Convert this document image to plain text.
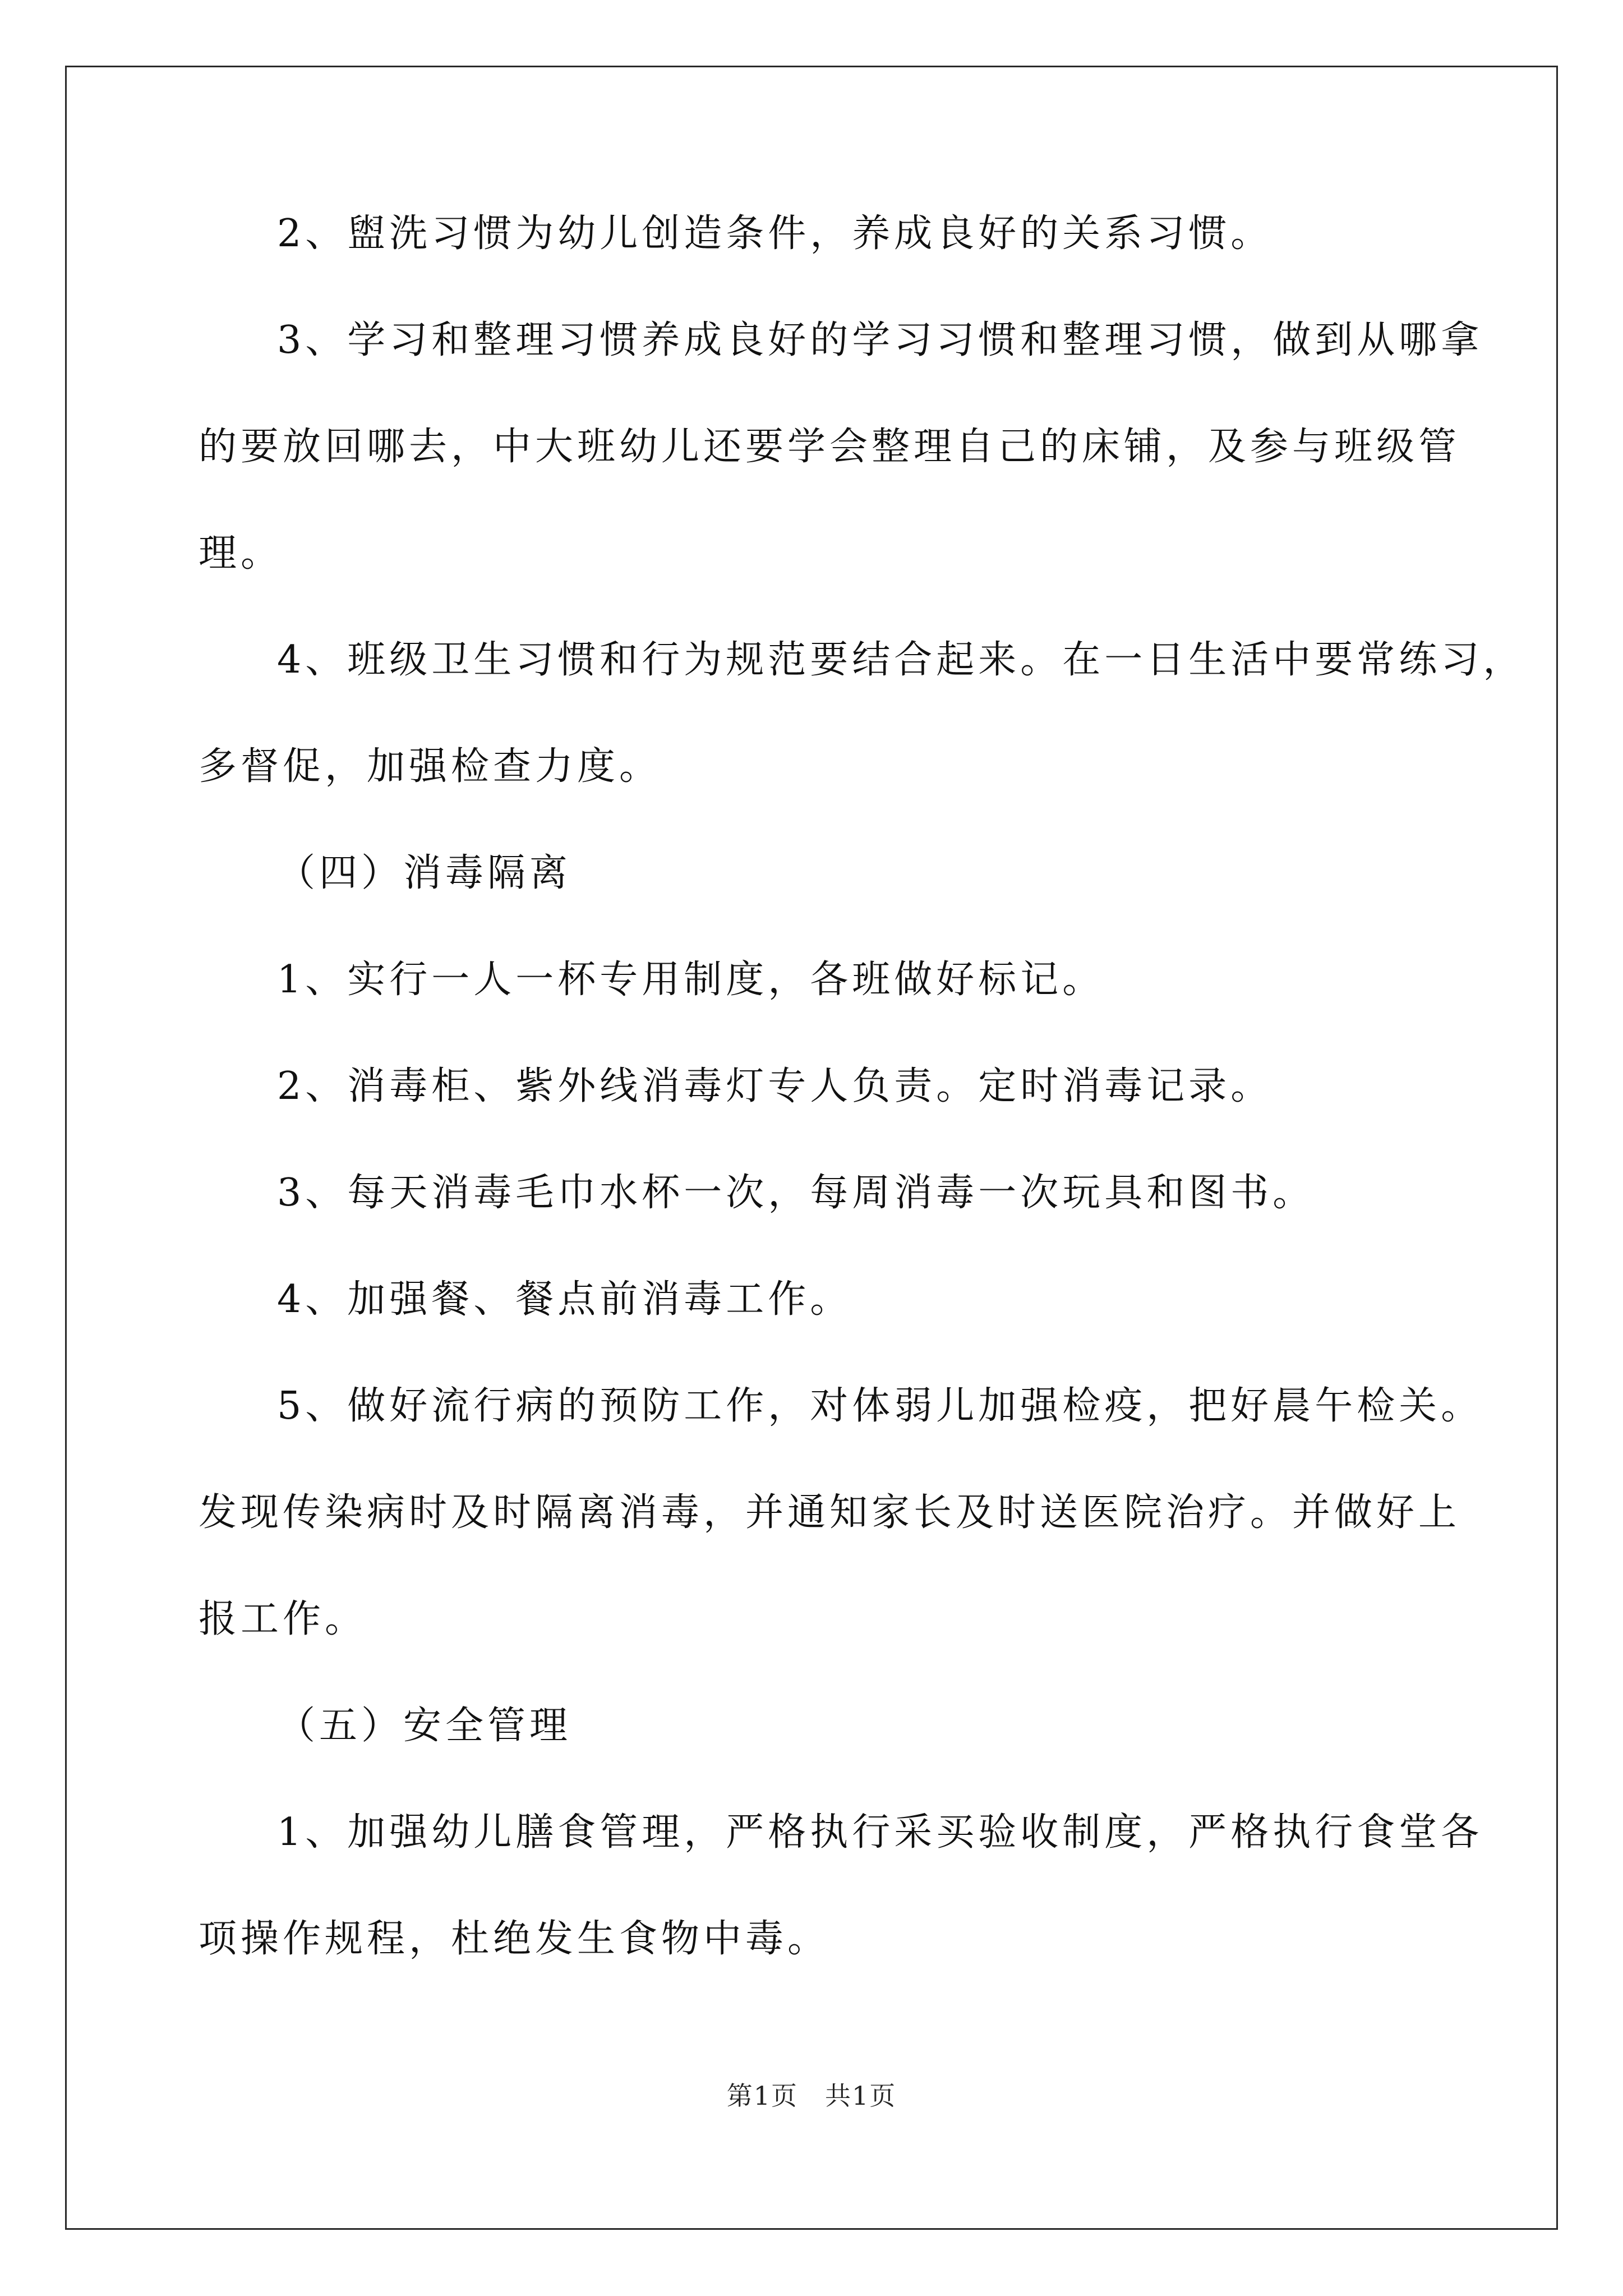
2、盥洗习惯为幼儿创造条件，养成良好的关系习惯。
3、学习和整理习惯养成良好的学习习惯和整理习惯，做到从哪拿
的要放回哪去，中大班幼儿还要学会整理自己的床铺，及参与班级管
理。
4、班级卫生习惯和行为规范要结合起来。在一日生活中要常练习，
多督促，加强检查力度。
（四）消毒隔离
1、实行一人一杯专用制度，各班做好标记。
2、消毒柜、紫外线消毒灯专人负责。定时消毒记录。
3、每天消毒毛巾水杯一次，每周消毒一次玩具和图书。
4、加强餐、餐点前消毒工作。
5、做好流行病的预防工作，对体弱儿加强检疫，把好晨午检关。
发现传染病时及时隔离消毒，并通知家长及时送医院治疗。并做好上
报工作。
（五）安全管理
1、加强幼儿膳食管理，严格执行采买验收制度，严格执行食堂各
项操作规程，杜绝发生食物中毒。
第1页　共1页
